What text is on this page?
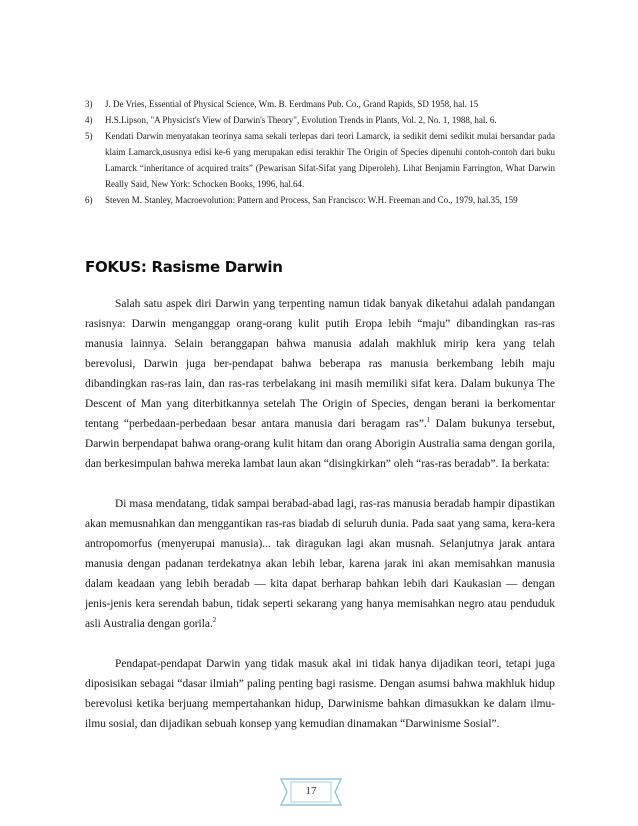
3) J. De Vries, Essential of Physical Science, Wm. B. Eerdmans Pub. Co., Grand Rapids, SD 1958, hal. 15
4) H.S.Lipson, "A Physicist's View of Darwin's Theory", Evolution Trends in Plants, Vol. 2, No. 1, 1988, hal. 6.
5) Kendati Darwin menyatakan teorinya sama sekali terlepas dari teori Lamarck, ia sedikit demi sedikit mulai bersandar pada klaim Lamarck,ususnya edisi ke-6 yang merupakan edisi terakhir The Origin of Species dipenuhi contoh-contoh dari buku Lamarck “inheritance of acquired traits” (Pewarisan Sifat-Sifat yang Diperoleh). Lihat Benjamin Farrington, What Darwin Really Said, New York: Schocken Books, 1996, hal.64.
6) Steven M. Stanley, Macroevolution: Pattern and Process, San Francisco: W.H. Freeman and Co., 1979, hal.35, 159
FOKUS: Rasisme Darwin

Salah satu aspek diri Darwin yang terpenting namun tidak banyak diketahui adalah pandangan rasisnya: Darwin menganggap orang-orang kulit putih Eropa lebih “maju” dibandingkan ras-ras manusia lainnya. Selain beranggapan bahwa manusia adalah makhluk mirip kera yang telah berevolusi, Darwin juga ber-pendapat bahwa beberapa ras manusia berkembang lebih maju dibandingkan ras-ras lain, dan ras-ras terbelakang ini masih memiliki sifat kera. Dalam bukunya The Descent of Man yang diterbitkannya setelah The Origin of Species, dengan berani ia berkomentar tentang “perbedaan-perbedaan besar antara manusia dari beragam ras”.$^1$ Dalam bukunya tersebut, Darwin berpendapat bahwa orang-orang kulit hitam dan orang Aborigin Australia sama dengan gorila, dan berkesimpulan bahwa mereka lambat laun akan “disingkirkan” oleh “ras-ras beradab”. Ia berkata:

Di masa mendatang, tidak sampai berabad-abad lagi, ras-ras manusia beradab hampir dipastikan akan memusnahkan dan menggantikan ras-ras biadab di seluruh dunia. Pada saat yang sama, kera-kera antropomorfus (menyerupai manusia)... tak diragukan lagi akan musnah. Selanjutnya jarak antara manusia dengan padanan terdekatnya akan lebih lebar, karena jarak ini akan memisahkan manusia dalam keadaan yang lebih beradab — kita dapat berharap bahkan lebih dari Kaukasian — dengan jenis-jenis kera serendah babun, tidak seperti sekarang yang hanya memisahkan negro atau penduduk asli Australia dengan gorila.$^2$

Pendapat-pendapat Darwin yang tidak masuk akal ini tidak hanya dijadikan teori, tetapi juga diposisikan sebagai “dasar ilmiah” paling penting bagi rasisme. Dengan asumsi bahwa makhluk hidup berevolusi ketika berjuang mempertahankan hidup, Darwinisme bahkan dimasukkan ke dalam ilmu-ilmu sosial, dan dijadikan sebuah konsep yang kemudian dinamakan “Darwinisme Sosial”.

17
